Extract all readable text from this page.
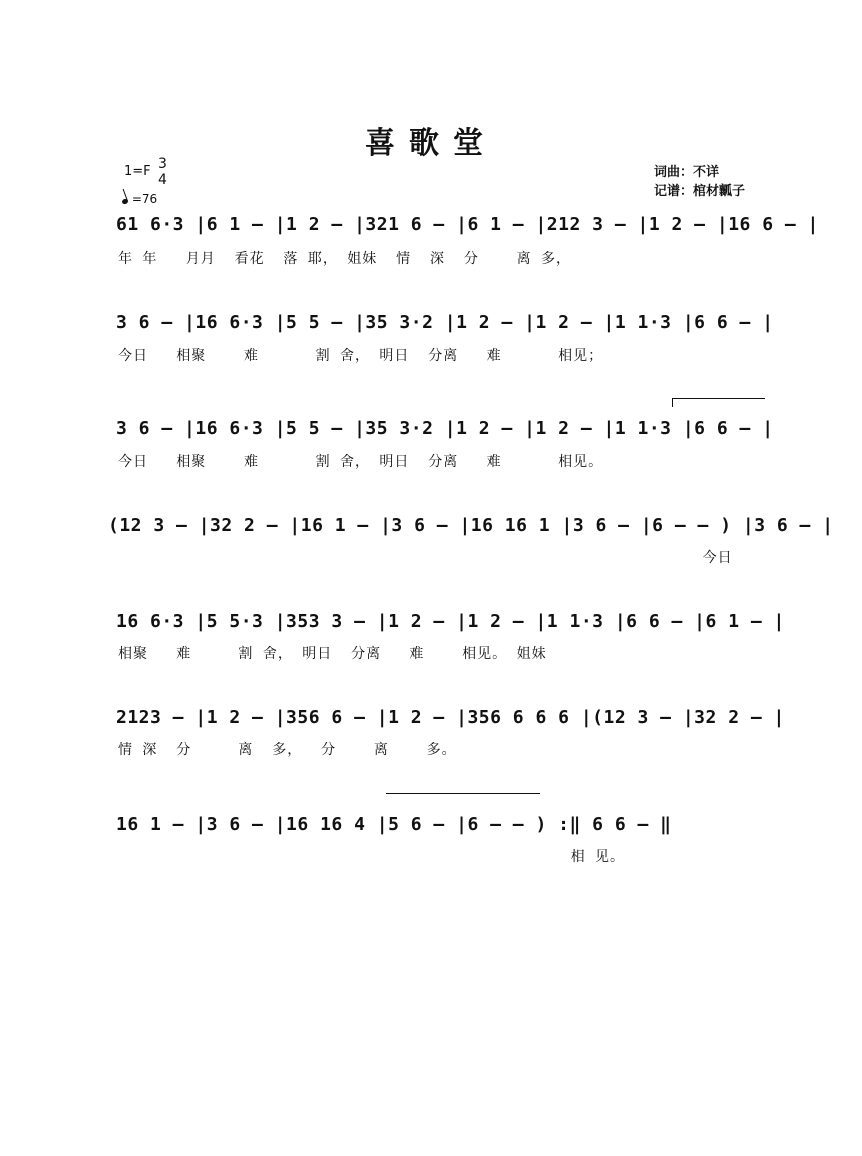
喜歌堂
1=F 3
4
=76
词曲：不详
记谱：棺材瓤子
61 6·3 |6 1 – |1 2 – |321 6 – |6 1 – |212 3 – |1 2 – |16 6 – |
年 年   月月  看花  落 耶， 姐妹  情  深  分    离 多，
3 6 – |16 6·3 |5 5 – |35 3·2 |1 2 – |1 2 – |1 1·3 |6 6 – |
今日   相聚    难      割 舍， 明日  分离   难      相见；
3 6 – |16 6·3 |5 5 – |35 3·2 |1 2 – |1 2 – |1 1·3 |6 6 – |
今日   相聚    难      割 舍， 明日  分离   难      相见。
(12 3 – |32 2 – |16 1 – |3 6 – |16 16 1 |3 6 – |6 – – ) |3 6 – |
今日
16 6·3 |5 5·3 |353 3 – |1 2 – |1 2 – |1 1·3 |6 6 – |6 1 – |
相聚   难     割 舍， 明日  分离   难    相见。 姐妹
2123 – |1 2 – |356 6 – |1 2 – |356 6 6 6 |(12 3 – |32 2 – |
情 深  分     离  多，  分    离    多。
16 1 – |3 6 – |16 16 4 |5 6 – |6 – – ) :‖ 6 6 – ‖
相 见。
